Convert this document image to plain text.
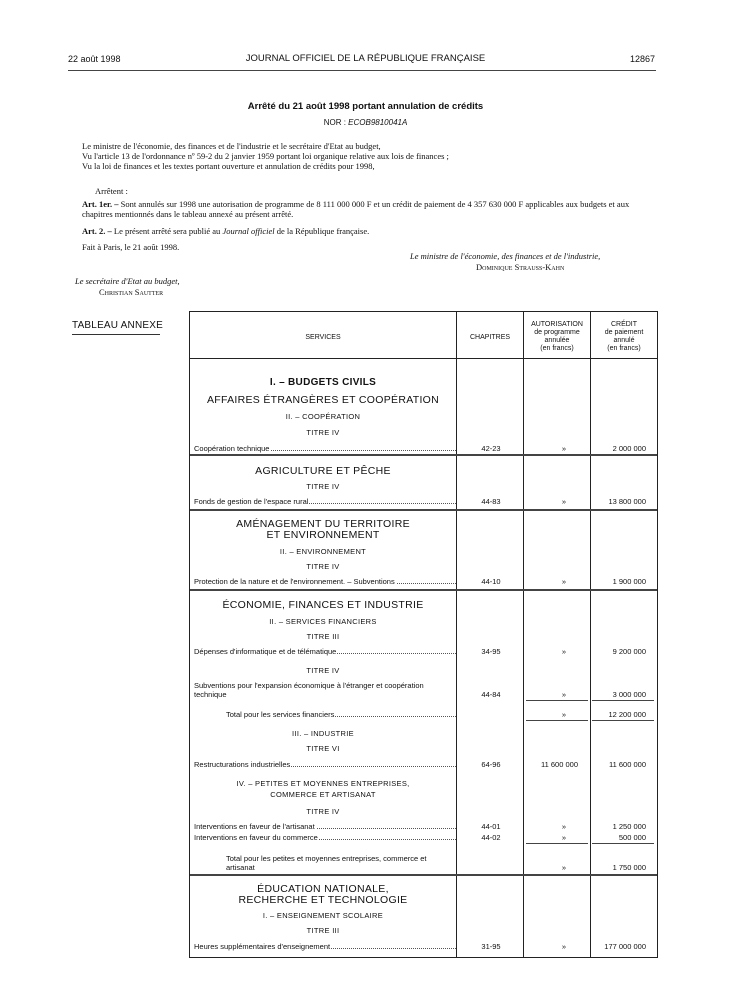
22 août 1998	JOURNAL OFFICIEL DE LA RÉPUBLIQUE FRANÇAISE	12867
Arrêté du 21 août 1998 portant annulation de crédits
NOR : ECOB9810041A
Le ministre de l'économie, des finances et de l'industrie et le secrétaire d'Etat au budget,
Vu l'article 13 de l'ordonnance nº 59-2 du 2 janvier 1959 portant loi organique relative aux lois de finances ;
Vu la loi de finances et les textes portant ouverture et annulation de crédits pour 1998,
Arrêtent :
Art. 1er. – Sont annulés sur 1998 une autorisation de programme de 8 111 000 000 F et un crédit de paiement de 4 357 630 000 F applicables aux budgets et aux chapitres mentionnés dans le tableau annexé au présent arrêté.
Art. 2. – Le présent arrêté sera publié au Journal officiel de la République française.
Fait à Paris, le 21 août 1998.
Le ministre de l'économie, des finances et de l'industrie,
Dominique Strauss-Kahn
Le secrétaire d'Etat au budget,
Christian Sautter
TABLEAU ANNEXE
SERVICES	CHAPITRES
AUTORISATION
de programme
annulée
(en francs)
CRÉDIT
de paiement
annulé
(en francs)
I. – BUDGETS CIVILS
AFFAIRES ÉTRANGÈRES ET COOPÉRATION
II. – COOPÉRATION
TITRE IV
Coopération technique	42-23	»	2 000 000
AGRICULTURE ET PÊCHE
TITRE IV
Fonds de gestion de l'espace rural	44-83	»	13 800 000
AMÉNAGEMENT DU TERRITOIRE
ET ENVIRONNEMENT
II. – ENVIRONNEMENT
TITRE IV
Protection de la nature et de l'environnement. – Subventions	44-10	»	1 900 000
ÉCONOMIE, FINANCES ET INDUSTRIE
II. – SERVICES FINANCIERS
TITRE III
Dépenses d'informatique et de télématique	34-95	»	9 200 000
TITRE IV
Subventions pour l'expansion économique à l'étranger et coopération technique	44-84	»	3 000 000
Total pour les services financiers	»	12 200 000
III. – INDUSTRIE
TITRE VI
Restructurations industrielles	64-96	11 600 000	11 600 000
IV. – PETITES ET MOYENNES ENTREPRISES,
COMMERCE ET ARTISANAT
TITRE IV
Interventions en faveur de l'artisanat	44-01	»	1 250 000
Interventions en faveur du commerce	44-02	»	500 000
Total pour les petites et moyennes entreprises, commerce et artisanat	»	1 750 000
ÉDUCATION NATIONALE,
RECHERCHE ET TECHNOLOGIE
I. – ENSEIGNEMENT SCOLAIRE
TITRE III
Heures supplémentaires d'enseignement	31-95	»	177 000 000
